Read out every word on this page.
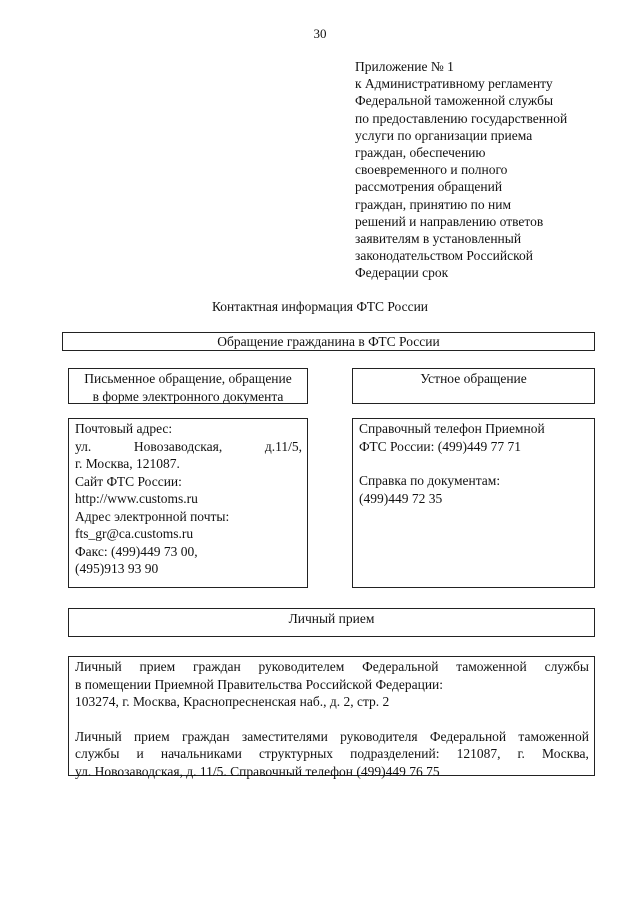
30
Приложение № 1
к Административному регламенту
Федеральной таможенной службы
по предоставлению государственной
услуги по организации приема
граждан, обеспечению
своевременного и полного
рассмотрения обращений
граждан, принятию по ним
решений и направлению ответов
заявителям в установленный
законодательством Российской
Федерации срок
Контактная информация ФТС России
Обращение гражданина в ФТС России
Письменное обращение, обращение
в форме электронного документа
Устное обращение
Почтовый адрес:
ул.	Новозаводская,	д.11/5,
г. Москва, 121087.
Сайт ФТС России:
http://www.customs.ru
Адрес электронной почты:
fts_gr@ca.customs.ru
Факс: (499)449 73 00,
(495)913 93 90
Справочный телефон Приемной
ФТС России: (499)449 77 71
Справка по документам:
(499)449 72 35
Личный прием
Личный прием граждан руководителем Федеральной таможенной службы
в помещении Приемной Правительства Российской Федерации:
103274, г. Москва, Краснопресненская наб., д. 2, стр. 2
Личный прием граждан заместителями руководителя Федеральной таможенной
службы и начальниками структурных подразделений: 121087, г. Москва,
ул. Новозаводская, д. 11/5. Справочный телефон (499)449 76 75
